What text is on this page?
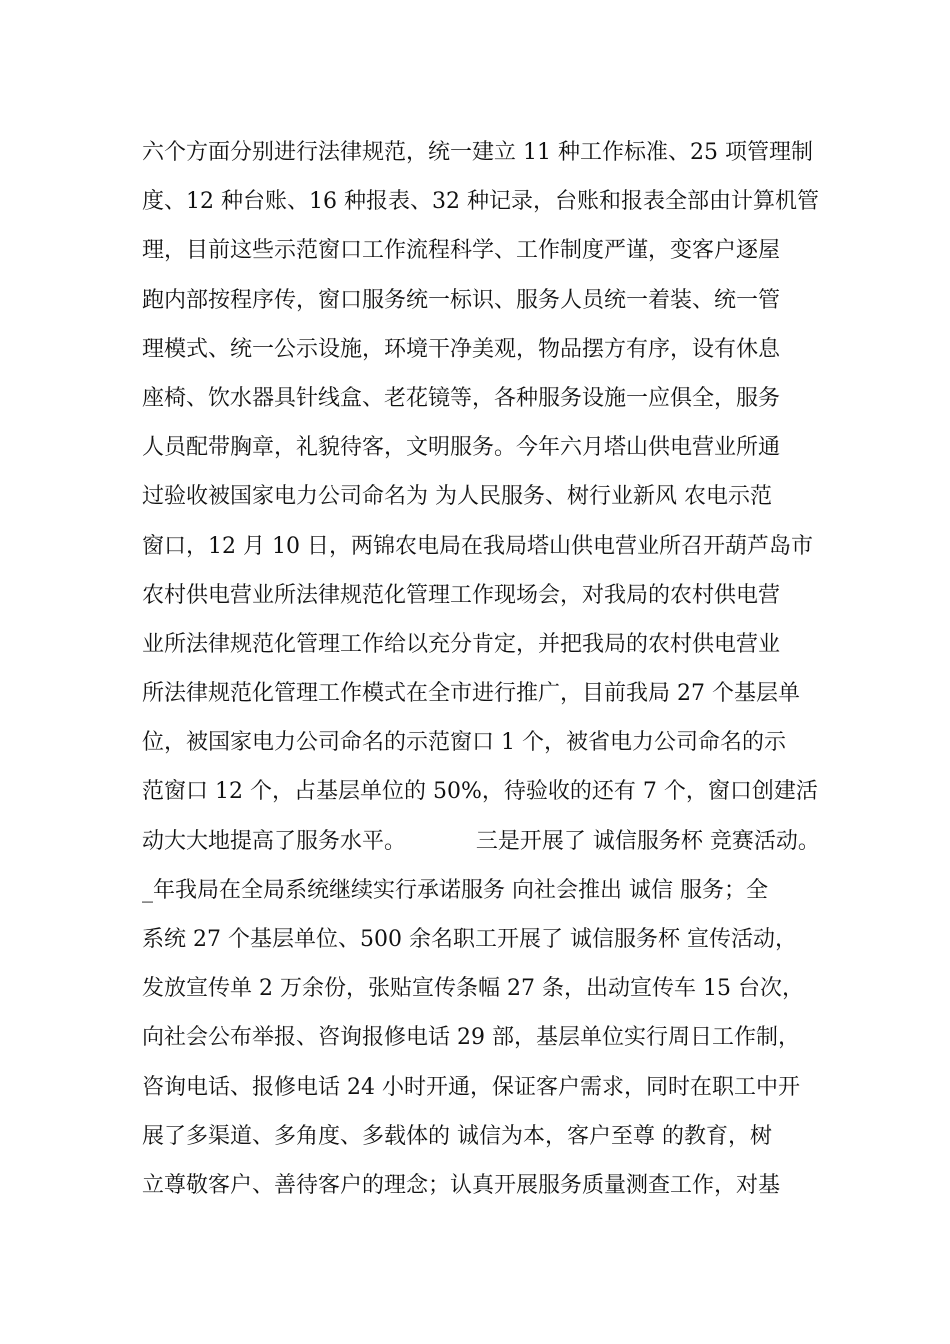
六个方面分别进行法律规范，统一建立 11 种工作标准、25 项管理制

度、12 种台账、16 种报表、32 种记录，台账和报表全部由计算机管

理，目前这些示范窗口工作流程科学、工作制度严谨，变客户逐屋

跑内部按程序传，窗口服务统一标识、服务人员统一着装、统一管

理模式、统一公示设施，环境干净美观，物品摆方有序，设有休息

座椅、饮水器具针线盒、老花镜等，各种服务设施一应俱全，服务

人员配带胸章，礼貌待客，文明服务。今年六月塔山供电营业所通

过验收被国家电力公司命名为 为人民服务、树行业新风 农电示范

窗口，12 月 10 日，两锦农电局在我局塔山供电营业所召开葫芦岛市

农村供电营业所法律规范化管理工作现场会，对我局的农村供电营

业所法律规范化管理工作给以充分肯定，并把我局的农村供电营业

所法律规范化管理工作模式在全市进行推广，目前我局 27 个基层单

位，被国家电力公司命名的示范窗口 1 个，被省电力公司命名的示

范窗口 12 个，占基层单位的 50%，待验收的还有 7 个，窗口创建活

动大大地提高了服务水平。          三是开展了 诚信服务杯 竞赛活动。

_年我局在全局系统继续实行承诺服务 向社会推出 诚信 服务；全

系统 27 个基层单位、500 余名职工开展了 诚信服务杯 宣传活动，

发放宣传单 2 万余份，张贴宣传条幅 27 条，出动宣传车 15 台次，

向社会公布举报、咨询报修电话 29 部，基层单位实行周日工作制，

咨询电话、报修电话 24 小时开通，保证客户需求，同时在职工中开

展了多渠道、多角度、多载体的 诚信为本，客户至尊 的教育，树

立尊敬客户、善待客户的理念；认真开展服务质量测查工作，对基
